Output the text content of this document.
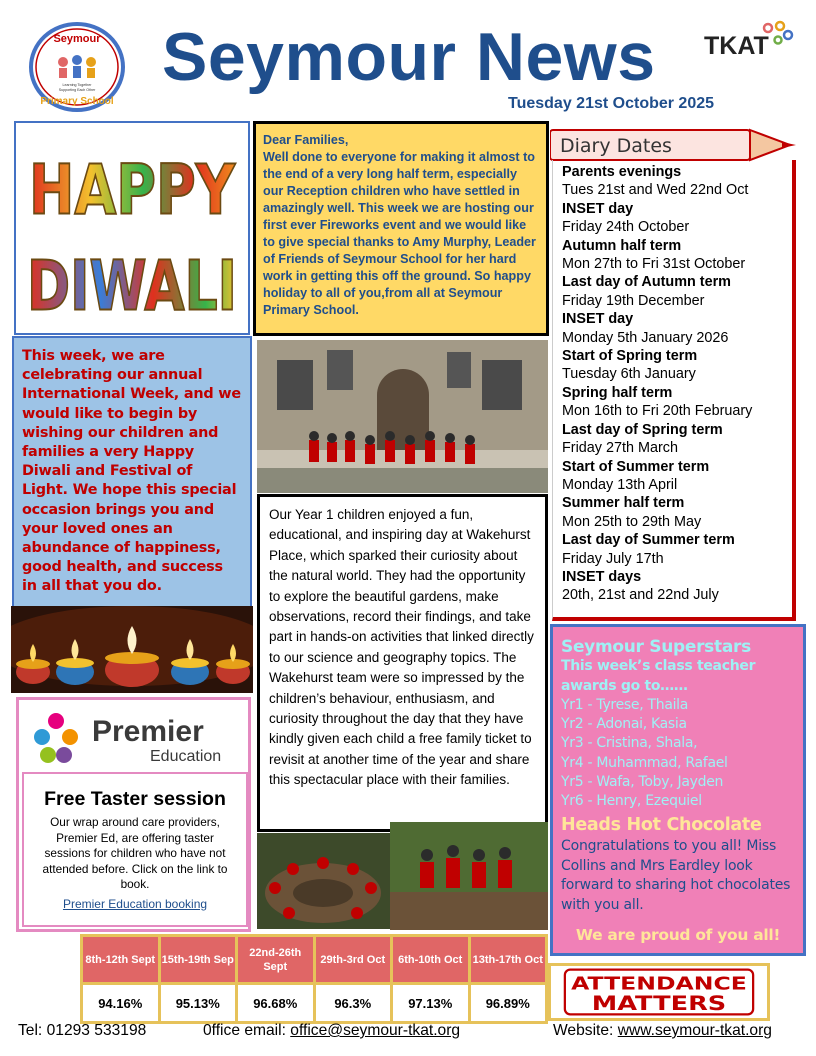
Seymour
Learning Together
Supporting Each Other
Primary School
Seymour News TKAT
Tuesday 21st October 2025
HAPPY
DIWALI
Dear Families,
Well done to everyone for making it almost to the end of a very long half term, especially our Reception children who have settled in amazingly well. This week we are hosting our first ever Fireworks event and we would like to give special thanks to Amy Murphy, Leader of Friends of Seymour School for her hard work in getting this off the ground. So happy holiday to all of you,from all at Seymour Primary School.
This week, we are celebrating our annual International Week, and we would like to begin by wishing our children and families a very Happy Diwali and Festival of Light. We hope this special occasion brings you and your loved ones an abundance of happiness, good health, and success in all that you do.
Our Year 1 children enjoyed a fun, educational, and inspiring day at Wakehurst Place, which sparked their curiosity about the natural world. They had the opportunity to explore the beautiful gardens, make observations, record their findings, and take part in hands-on activities that linked directly to our science and geography topics. The Wakehurst team were so impressed by the children’s behaviour, enthusiasm, and curiosity throughout the day that they have kindly given each child a free family ticket to revisit at another time of the year and share this spectacular place with their families.
Premier
Education
Free Taster session
Our wrap around care providers, Premier Ed, are offering taster sessions for children who have not attended before. Click on the link to book.
Premier Education booking
Diary Dates
Parents evenings
Tues 21st and Wed 22nd Oct
INSET day
Friday 24th October
Autumn half term
Mon 27th to Fri 31st October
Last day of Autumn term
Friday 19th December
INSET day
Monday 5th January 2026
Start of Spring term
Tuesday 6th January
Spring half term
Mon 16th to Fri 20th February
Last day of Spring term
Friday 27th March
Start of Summer term
Monday 13th April
Summer half term
Mon 25th to 29th May
Last day of Summer term
Friday July 17th
INSET days
20th, 21st and 22nd July
Seymour Superstars
This week’s class teacher awards go to……
Yr1 - Tyrese, Thaila
Yr2 - Adonai, Kasia
Yr3 - Cristina, Shala,
Yr4 - Muhammad, Rafael
Yr5 - Wafa, Toby, Jayden
Yr6 - Henry, Ezequiel
Heads Hot Chocolate
Congratulations to you all! Miss Collins and Mrs Eardley look forward to sharing hot chocolates with you all.
We are proud of you all!
8th-12th Sept	15th-19th Sep	22nd-26th Sept	29th-3rd Oct	6th-10th Oct	13th-17th Oct
94.16%	95.13%	96.68%	96.3%	97.13%	96.89%
ATTENDANCE
MATTERS
Tel: 01293 533198	0ffice email: office@seymour-tkat.org	Website: www.seymour-tkat.org
